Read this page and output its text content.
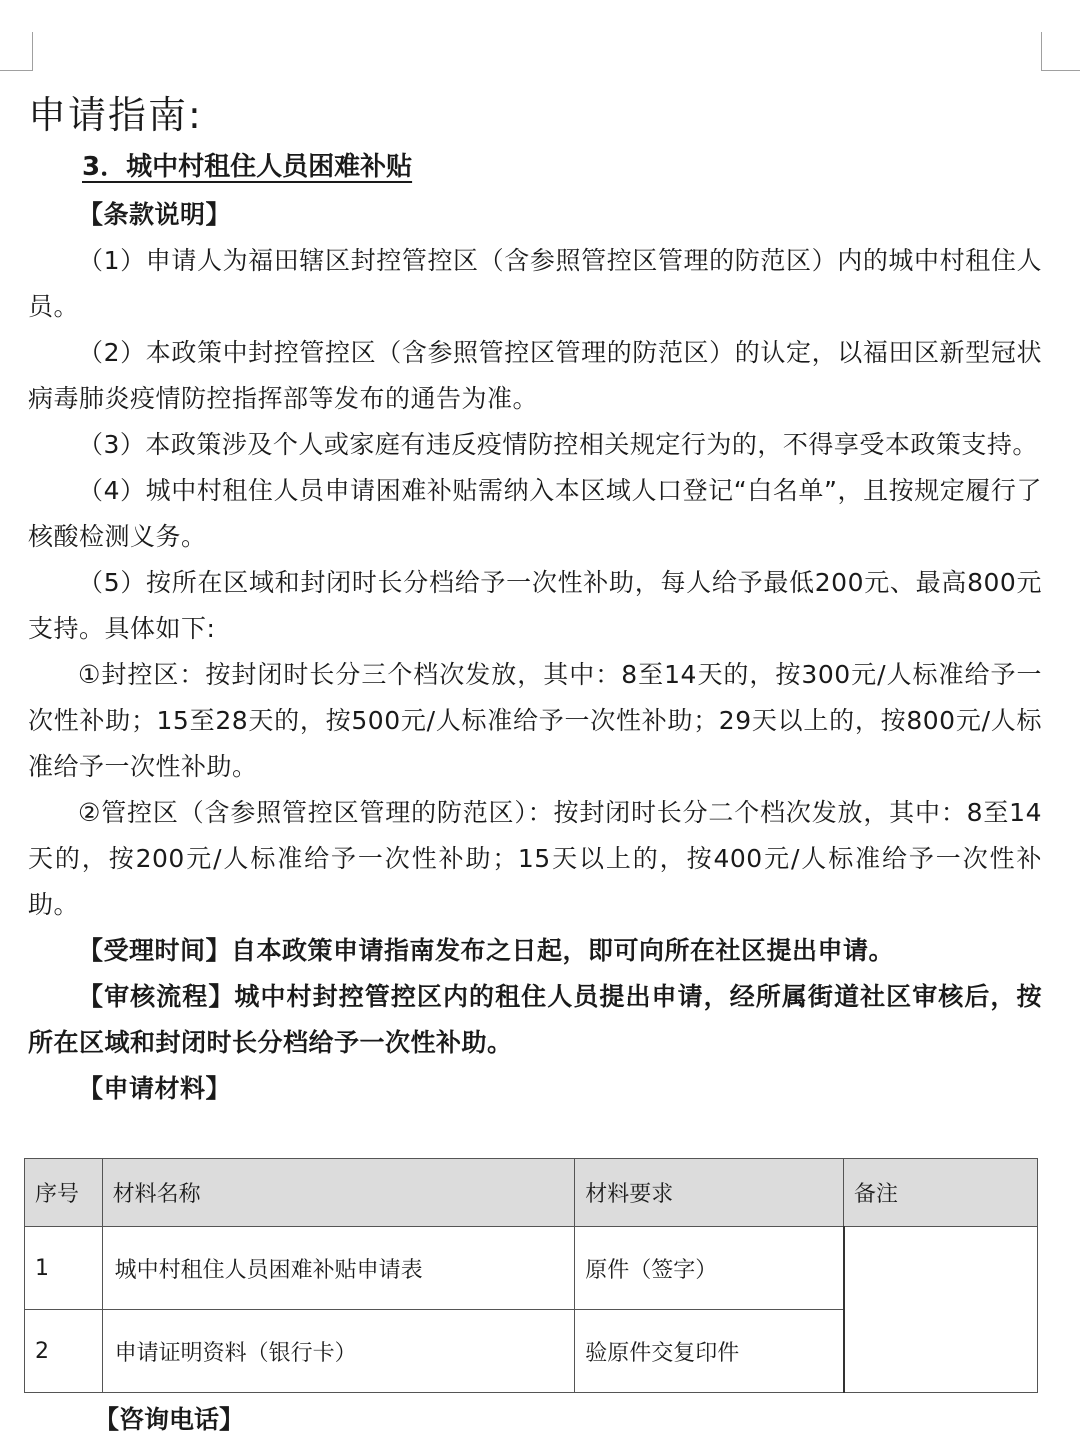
申请指南:
3．城中村租住人员困难补贴

【条款说明】

（1）申请人为福田辖区封控管控区（含参照管控区管理的防范区）内的城中村租住人员。

（2）本政策中封控管控区（含参照管控区管理的防范区）的认定，以福田区新型冠状病毒肺炎疫情防控指挥部等发布的通告为准。

（3）本政策涉及个人或家庭有违反疫情防控相关规定行为的，不得享受本政策支持。

（4）城中村租住人员申请困难补贴需纳入本区域人口登记“白名单”，且按规定履行了核酸检测义务。

（5）按所在区域和封闭时长分档给予一次性补助，每人给予最低200元、最高800元支持。具体如下:

①封控区：按封闭时长分三个档次发放，其中：8至14天的，按300元/人标准给予一次性补助；15至28天的，按500元/人标准给予一次性补助；29天以上的，按800元/人标准给予一次性补助。

②管控区（含参照管控区管理的防范区）：按封闭时长分二个档次发放，其中：8至14天的，按200元/人标准给予一次性补助；15天以上的，按400元/人标准给予一次性补助。

【受理时间】自本政策申请指南发布之日起，即可向所在社区提出申请。

【审核流程】城中村封控管控区内的租住人员提出申请，经所属街道社区审核后，按所在区域和封闭时长分档给予一次性补助。

【申请材料】

序号	材料名称	材料要求	备注
1	城中村租住人员困难补贴申请表	原件（签字）	
2	申请证明资料（银行卡）	验原件交复印件	
【咨询电话】
